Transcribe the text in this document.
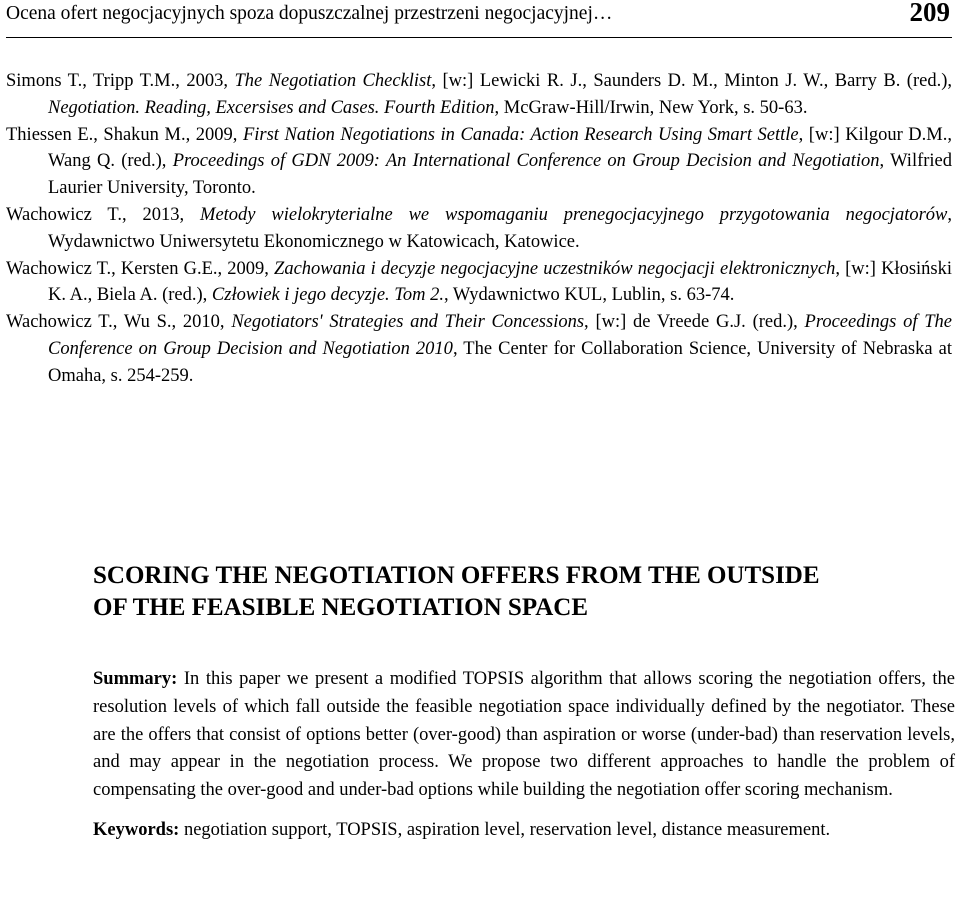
Ocena ofert negocjacyjnych spoza dopuszczalnej przestrzeni negocjacyjnej…	209

Simons T., Tripp T.M., 2003, The Negotiation Checklist, [w:] Lewicki R. J., Saunders D. M., Minton J. W., Barry B. (red.), Negotiation. Reading, Excersises and Cases. Fourth Edition, McGraw-Hill/Irwin, New York, s. 50-63.

Thiessen E., Shakun M., 2009, First Nation Negotiations in Canada: Action Research Using Smart Settle, [w:] Kilgour D.M., Wang Q. (red.), Proceedings of GDN 2009: An International Conference on Group Decision and Negotiation, Wilfried Laurier University, Toronto.

Wachowicz T., 2013, Metody wielokryterialne we wspomaganiu prenegocjacyjnego przygotowania negocjatorów, Wydawnictwo Uniwersytetu Ekonomicznego w Katowicach, Katowice.

Wachowicz T., Kersten G.E., 2009, Zachowania i decyzje negocjacyjne uczestników negocjacji elektronicznych, [w:] Kłosiński K. A., Biela A. (red.), Człowiek i jego decyzje. Tom 2., Wydawnictwo KUL, Lublin, s. 63-74.

Wachowicz T., Wu S., 2010, Negotiators' Strategies and Their Concessions, [w:] de Vreede G.J. (red.), Proceedings of The Conference on Group Decision and Negotiation 2010, The Center for Collaboration Science, University of Nebraska at Omaha, s. 254-259.

SCORING THE NEGOTIATION OFFERS FROM THE OUTSIDE
OF THE FEASIBLE NEGOTIATION SPACE

Summary: In this paper we present a modified TOPSIS algorithm that allows scoring the negotiation offers, the resolution levels of which fall outside the feasible negotiation space individually defined by the negotiator. These are the offers that consist of options better (over-good) than aspiration or worse (under-bad) than reservation levels, and may appear in the negotiation process. We propose two different approaches to handle the problem of compensating the over-good and under-bad options while building the negotiation offer scoring mechanism.

Keywords: negotiation support, TOPSIS, aspiration level, reservation level, distance measurement.
